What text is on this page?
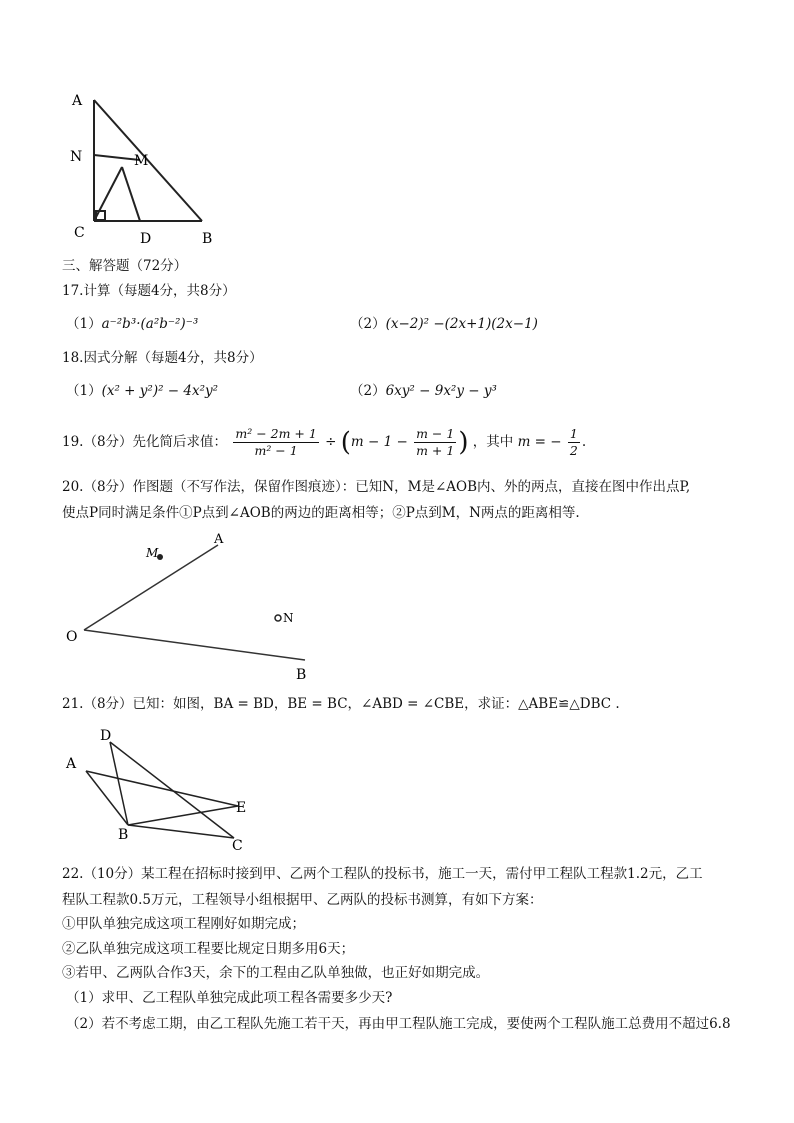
A
N	M
C	D	B
三、解答题（72分）
17.计算（每题4分，共8分）
（1）a⁻²b³·(a²b⁻²)⁻³	（2）(x−2)² −(2x+1)(2x−1)
18.因式分解（每题4分，共8分）
（1）(x² + y²)² − 4x²y²	（2）6xy² − 9x²y − y³
19.（8分）先化简后求值： $\frac{\text{m² − 2m + 1}}{\text{m² − 1}} \div (m - 1 - \frac{m - 1}{m + 1}$ ) ，其中 m = − $\frac{1}{2}$ .
20.（8分）作图题（不写作法，保留作图痕迹）：已知N，M是∠AOB内、外的两点，直接在图中作出点P,
使点P同时满足条件①P点到∠AOB的两边的距离相等；②P点到M，N两点的距离相等.
M
A
N
O
B
21.（8分）已知：如图，BA = BD，BE = BC，∠ABD = ∠CBE，求证：△ABE≌△DBC .
D
A
E
B
C
22.（10分）某工程在招标时接到甲、乙两个工程队的投标书，施工一天，需付甲工程队工程款1.2元，乙工
程队工程款0.5万元，工程领导小组根据甲、乙两队的投标书测算，有如下方案：
①甲队单独完成这项工程刚好如期完成；
②乙队单独完成这项工程要比规定日期多用6天；
③若甲、乙两队合作3天，余下的工程由乙队单独做，也正好如期完成。
（1）求甲、乙工程队单独完成此项工程各需要多少天?
（2）若不考虑工期，由乙工程队先施工若干天，再由甲工程队施工完成，要使两个工程队施工总费用不超过6.8
